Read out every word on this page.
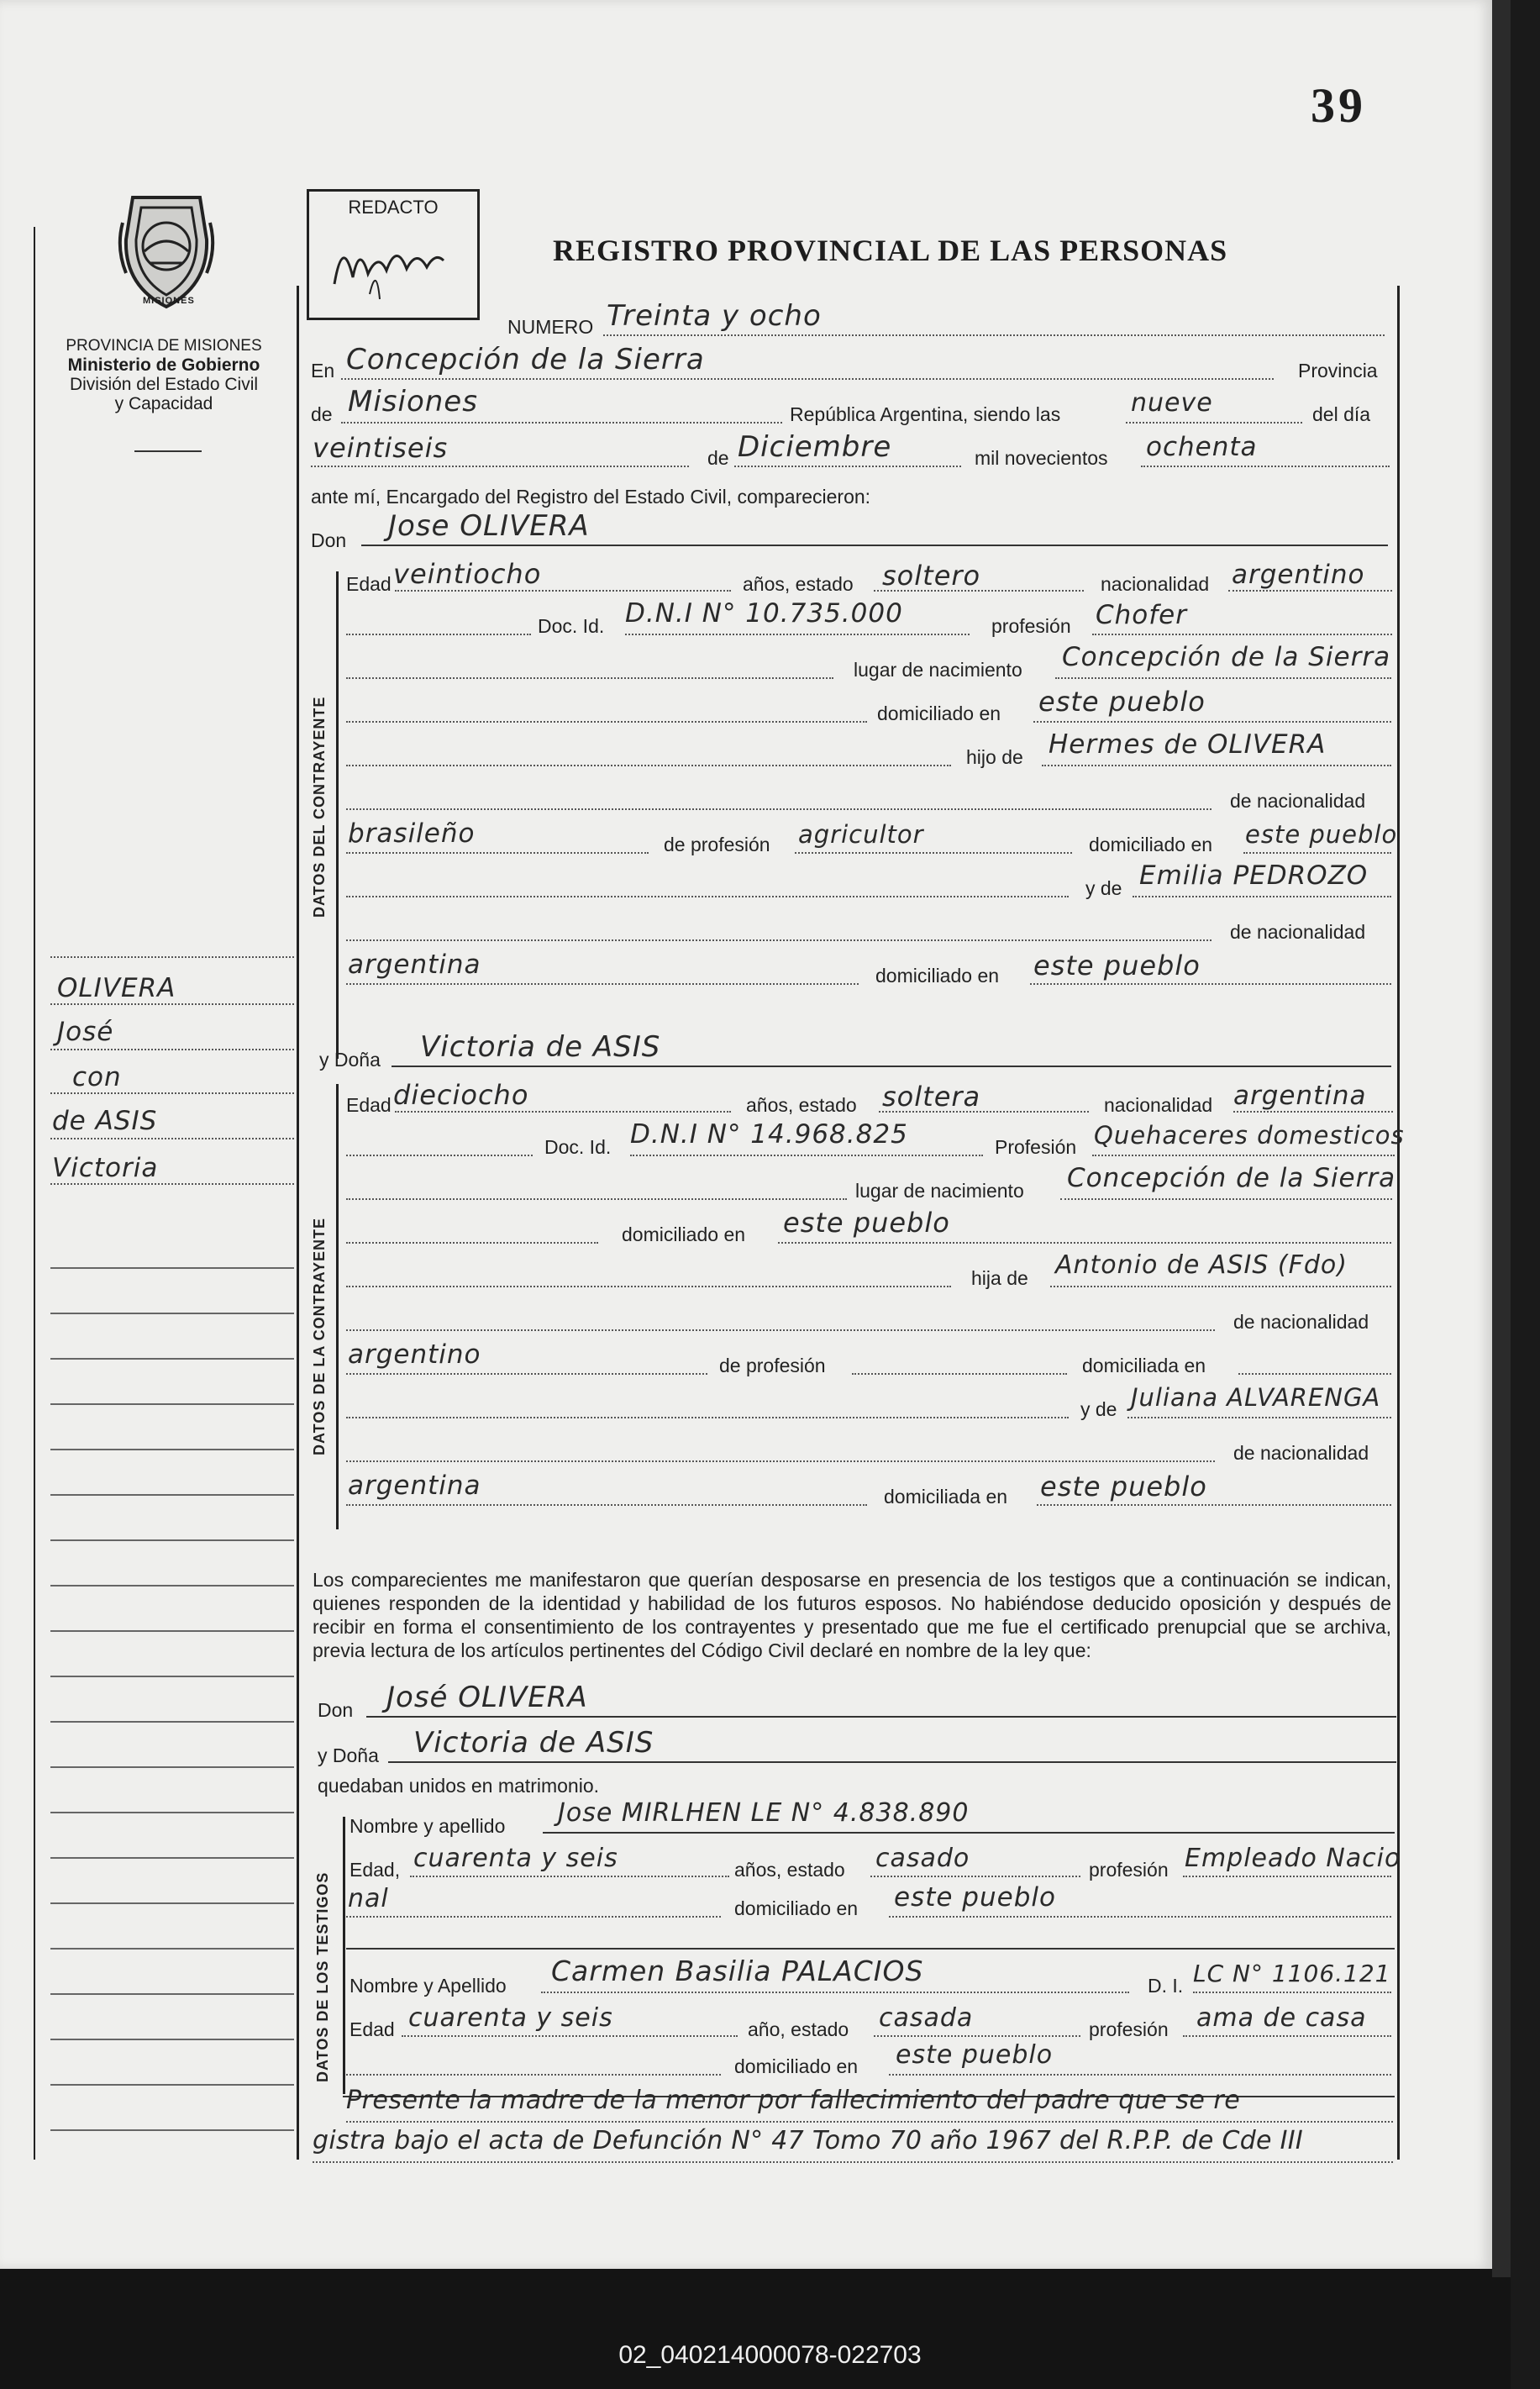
39
MISIONES
PROVINCIA DE MISIONES
Ministerio de Gobierno
División del Estado Civil
y Capacidad
REDACTO
REGISTRO PROVINCIAL DE LAS PERSONAS
OLIVERA
José
con
de ASIS
Victoria
NUMERO Treinta y ocho
En Concepción de la Sierra	Provincia
de Misiones	República Argentina, siendo las	nueve	del día
veintiseis	de Diciembre	mil novecientos ochenta
ante mí, Encargado del Registro del Estado Civil, comparecieron:
Don Jose OLIVERA
DATOS DEL CONTRAYENTE
Edad veintiocho	años, estado soltero	nacionalidad argentino
Doc. Id. D.N.I N° 10.735.000	profesión Chofer
lugar de nacimiento Concepción de la Sierra
domiciliado en este pueblo
hijo de Hermes de OLIVERA
de nacionalidad
brasileño	de profesión agricultor	domiciliado en este pueblo
y de Emilia PEDROZO
de nacionalidad
argentina	domiciliado en este pueblo
y Doña Victoria de ASIS
DATOS DE LA CONTRAYENTE
Edad dieciocho	años, estado soltera	nacionalidad argentina
Doc. Id. D.N.I N° 14.968.825	Profesión Quehaceres domesticos
lugar de nacimiento Concepción de la Sierra
domiciliado en este pueblo
hija de Antonio de ASIS (Fdo)
de nacionalidad
argentino	de profesión	domiciliada en
y de Juliana ALVARENGA
de nacionalidad
argentina	domiciliada en este pueblo
Los comparecientes me manifestaron que querían desposarse en presencia de los testigos que a continuación se indican, quienes responden de la identidad y habilidad de los futuros esposos. No habiéndose deducido oposición y después de recibir en forma el consentimiento de los contrayentes y presentado que me fue el certificado prenupcial que se archiva, previa lectura de los artículos pertinentes del Código Civil declaré en nombre de la ley que:
Don José OLIVERA
y Doña Victoria de ASIS
quedaban unidos en matrimonio.
DATOS DE LOS TESTIGOS
Nombre y apellido Jose MIRLHEN LE N° 4.838.890
Edad, cuarenta y seis	años, estado casado	profesión Empleado Nacio
nal	domiciliado en este pueblo
Nombre y Apellido Carmen Basilia PALACIOS	D. I. LC N° 1106.121
Edad cuarenta y seis	año, estado casada	profesión ama de casa
domiciliado en este pueblo
Presente la madre de la menor por fallecimiento del padre que se re
gistra bajo el acta de Defunción N° 47 Tomo 70 año 1967 del R.P.P. de Cde III
02_040214000078-022703
